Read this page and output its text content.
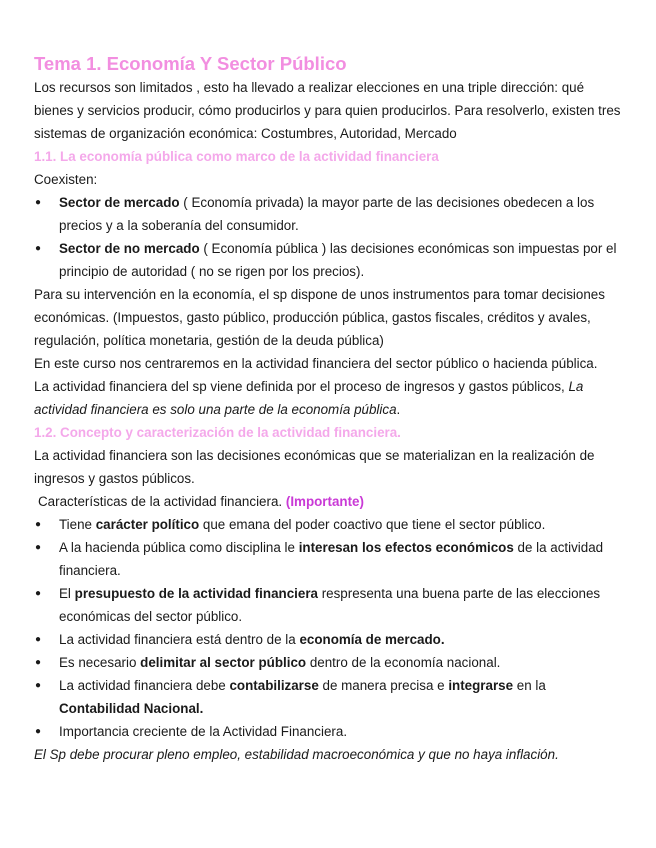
Tema 1. Economía Y Sector Público

Los recursos son limitados , esto ha llevado a realizar elecciones en una triple dirección: qué bienes y servicios producir, cómo producirlos y para quien producirlos. Para resolverlo, existen tres sistemas de organización económica: Costumbres, Autoridad, Mercado

1.1. La economía pública como marco de la actividad financiera

Coexisten:

● Sector de mercado ( Economía privada) la mayor parte de las decisiones obedecen a los precios y a la soberanía del consumidor.
● Sector de no mercado ( Economía pública ) las decisiones económicas son impuestas por el principio de autoridad ( no se rigen por los precios).

Para su intervención en la economía, el sp dispone de unos instrumentos para tomar decisiones económicas. (Impuestos, gasto público, producción pública, gastos fiscales, créditos y avales, regulación, política monetaria, gestión de la deuda pública)

En este curso nos centraremos en la actividad financiera del sector público o hacienda pública.

La actividad financiera del sp viene definida por el proceso de ingresos y gastos públicos, La actividad financiera es solo una parte de la economía pública.

1.2. Concepto y caracterización de la actividad financiera.

La actividad financiera son las decisiones económicas que se materializan en la realización de ingresos y gastos públicos.

Características de la actividad financiera. (Importante)

● Tiene carácter político que emana del poder coactivo que tiene el sector público.
● A la hacienda pública como disciplina le interesan los efectos económicos de la actividad financiera.
● El presupuesto de la actividad financiera respresenta una buena parte de las elecciones económicas del sector público.
● La actividad financiera está dentro de la economía de mercado.
● Es necesario delimitar al sector público dentro de la economía nacional.
● La actividad financiera debe contabilizarse de manera precisa e integrarse en la Contabilidad Nacional.
● Importancia creciente de la Actividad Financiera.

El Sp debe procurar pleno empleo, estabilidad macroeconómica y que no haya inflación.
